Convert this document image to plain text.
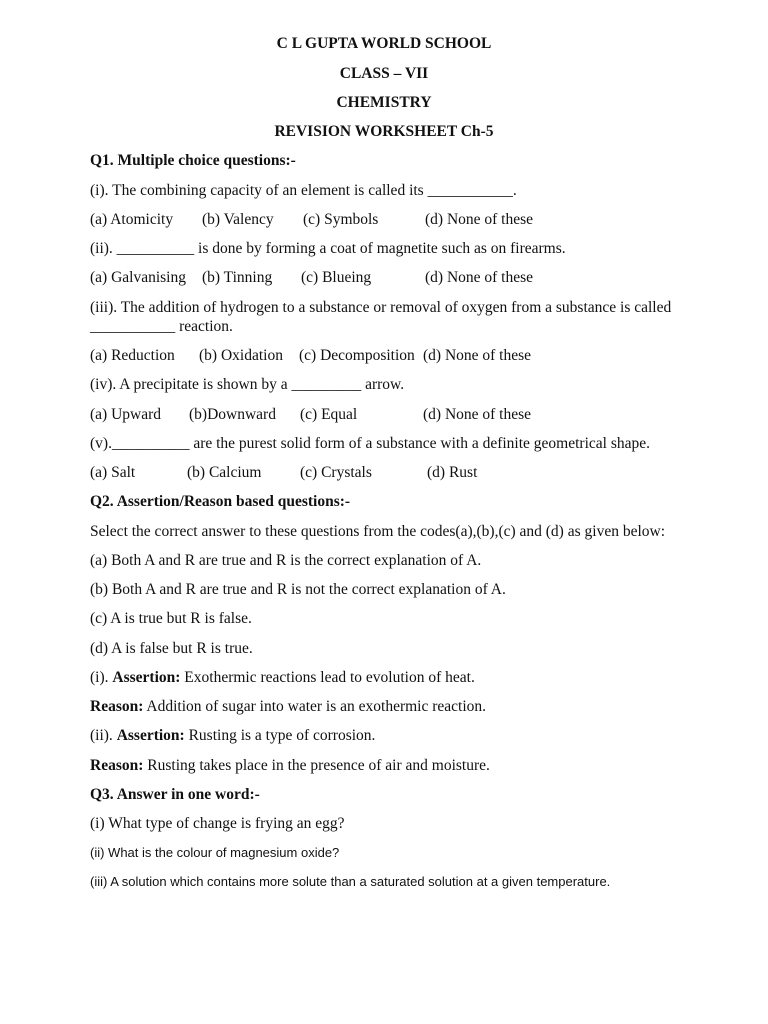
C L GUPTA WORLD SCHOOL
CLASS – VII
CHEMISTRY
REVISION WORKSHEET Ch-5
Q1. Multiple choice questions:-
(i). The combining capacity of an element is called its ___________.
(a) Atomicity (b) Valency (c) Symbols	(d) None of these
(ii). __________ is done by forming a coat of magnetite such as on firearms.
(a) Galvanising (b) Tinning (c) Blueing	(d) None of these
(iii). The addition of hydrogen to a substance or removal of oxygen from a substance is called
___________ reaction.
(a) Reduction (b) Oxidation (c) Decomposition (d) None of these
(iv). A precipitate is shown by a _________ arrow.
(a) Upward (b)Downward (c) Equal	(d) None of these
(v).__________ are the purest solid form of a substance with a definite geometrical shape.
(a) Salt	(b) Calcium (c) Crystals	(d) Rust
Q2. Assertion/Reason based questions:-
Select the correct answer to these questions from the codes(a),(b),(c) and (d) as given below:
(a) Both A and R are true and R is the correct explanation of A.
(b) Both A and R are true and R is not the correct explanation of A.
(c) A is true but R is false.
(d) A is false but R is true.
(i). Assertion: Exothermic reactions lead to evolution of heat.
Reason: Addition of sugar into water is an exothermic reaction.
(ii). Assertion: Rusting is a type of corrosion.
Reason: Rusting takes place in the presence of air and moisture.
Q3. Answer in one word:-
(i) What type of change is frying an egg?
(ii) What is the colour of magnesium oxide?
(iii) A solution which contains more solute than a saturated solution at a given temperature.
